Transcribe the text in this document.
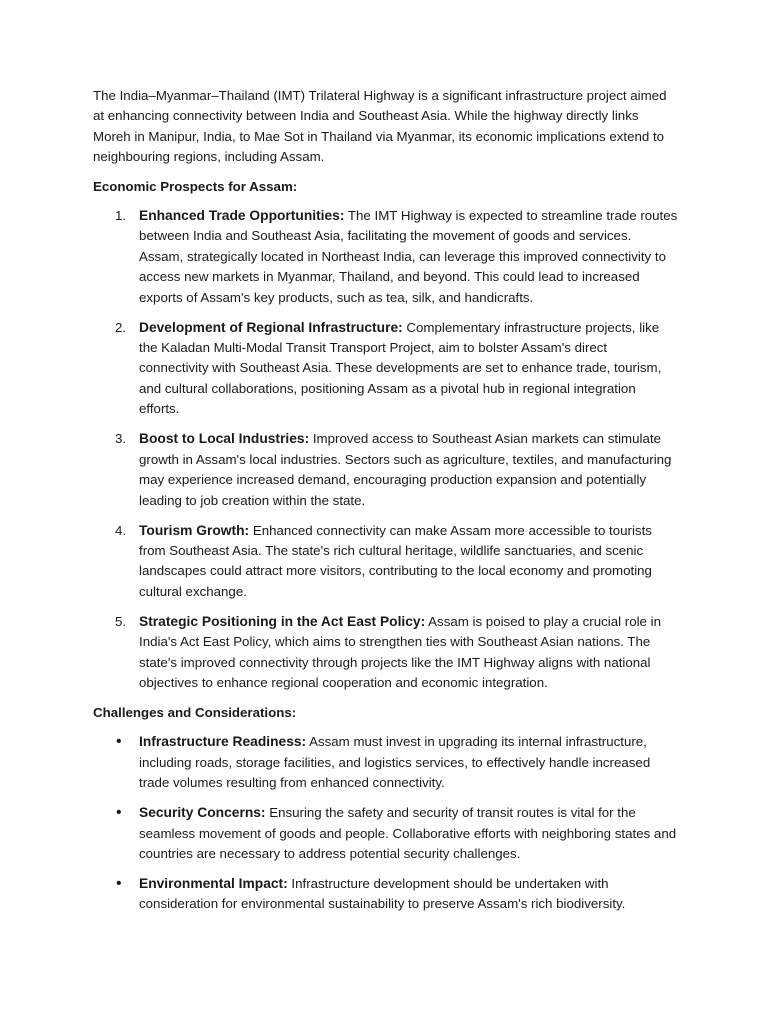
The India–Myanmar–Thailand (IMT) Trilateral Highway is a significant infrastructure project aimed at enhancing connectivity between India and Southeast Asia. While the highway directly links Moreh in Manipur, India, to Mae Sot in Thailand via Myanmar, its economic implications extend to neighbouring regions, including Assam.

Economic Prospects for Assam:
1. Enhanced Trade Opportunities: The IMT Highway is expected to streamline trade routes between India and Southeast Asia, facilitating the movement of goods and services. Assam, strategically located in Northeast India, can leverage this improved connectivity to access new markets in Myanmar, Thailand, and beyond. This could lead to increased exports of Assam's key products, such as tea, silk, and handicrafts.
2. Development of Regional Infrastructure: Complementary infrastructure projects, like the Kaladan Multi-Modal Transit Transport Project, aim to bolster Assam's direct connectivity with Southeast Asia. These developments are set to enhance trade, tourism, and cultural collaborations, positioning Assam as a pivotal hub in regional integration efforts.
3. Boost to Local Industries: Improved access to Southeast Asian markets can stimulate growth in Assam's local industries. Sectors such as agriculture, textiles, and manufacturing may experience increased demand, encouraging production expansion and potentially leading to job creation within the state.
4. Tourism Growth: Enhanced connectivity can make Assam more accessible to tourists from Southeast Asia. The state's rich cultural heritage, wildlife sanctuaries, and scenic landscapes could attract more visitors, contributing to the local economy and promoting cultural exchange.
5. Strategic Positioning in the Act East Policy: Assam is poised to play a crucial role in India's Act East Policy, which aims to strengthen ties with Southeast Asian nations. The state's improved connectivity through projects like the IMT Highway aligns with national objectives to enhance regional cooperation and economic integration.
Challenges and Considerations:
• Infrastructure Readiness: Assam must invest in upgrading its internal infrastructure, including roads, storage facilities, and logistics services, to effectively handle increased trade volumes resulting from enhanced connectivity.
• Security Concerns: Ensuring the safety and security of transit routes is vital for the seamless movement of goods and people. Collaborative efforts with neighboring states and countries are necessary to address potential security challenges.
• Environmental Impact: Infrastructure development should be undertaken with consideration for environmental sustainability to preserve Assam's rich biodiversity.
